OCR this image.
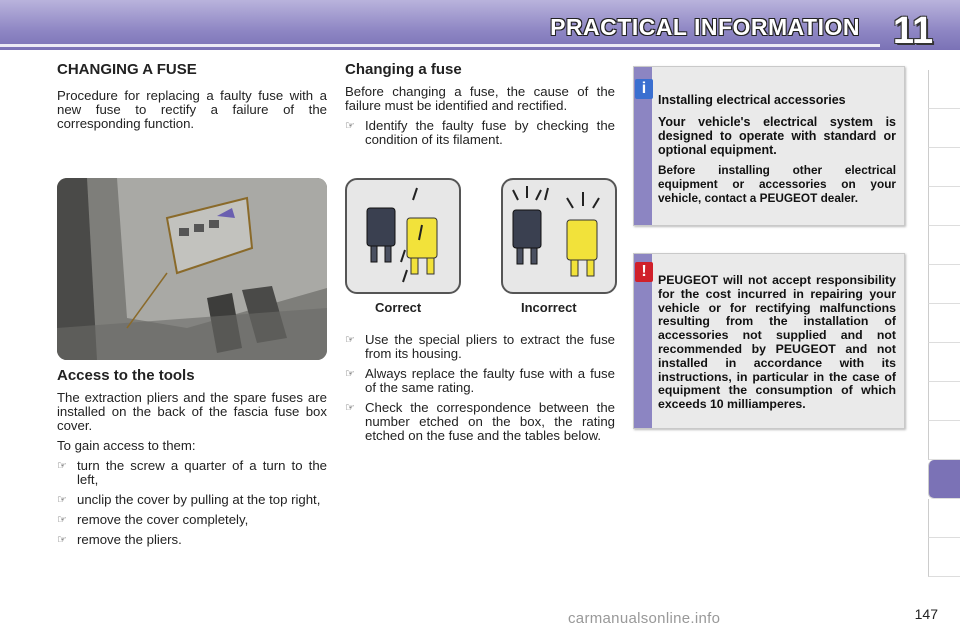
PRACTICAL INFORMATION 11
CHANGING A FUSE

Procedure for replacing a faulty fuse with a new fuse to rectify a failure of the corresponding function.

Access to the tools

The extraction pliers and the spare fuses are installed on the back of the fascia fuse box cover.

To gain access to them:

☞ turn the screw a quarter of a turn to the left,
☞ unclip the cover by pulling at the top right,
☞ remove the cover completely,
☞ remove the pliers.
Changing a fuse

Before changing a fuse, the cause of the failure must be identified and rectified.

☞ Identify the faulty fuse by checking the condition of its filament.
Correct	Incorrect
☞ Use the special pliers to extract the fuse from its housing.
☞ Always replace the faulty fuse with a fuse of the same rating.
☞ Check the correspondence between the number etched on the box, the rating etched on the fuse and the tables below.
i
Installing electrical accessories
Your vehicle's electrical system is designed to operate with standard or optional equipment.
Before installing other electrical equipment or accessories on your vehicle, contact a PEUGEOT dealer.
! PEUGEOT will not accept responsibility for the cost incurred in repairing your vehicle or for rectifying malfunctions resulting from the installation of accessories not supplied and not recommended by PEUGEOT and not installed in accordance with its instructions, in particular in the case of equipment the consumption of which exceeds 10 milliamperes.
147
carmanualsonline.info
